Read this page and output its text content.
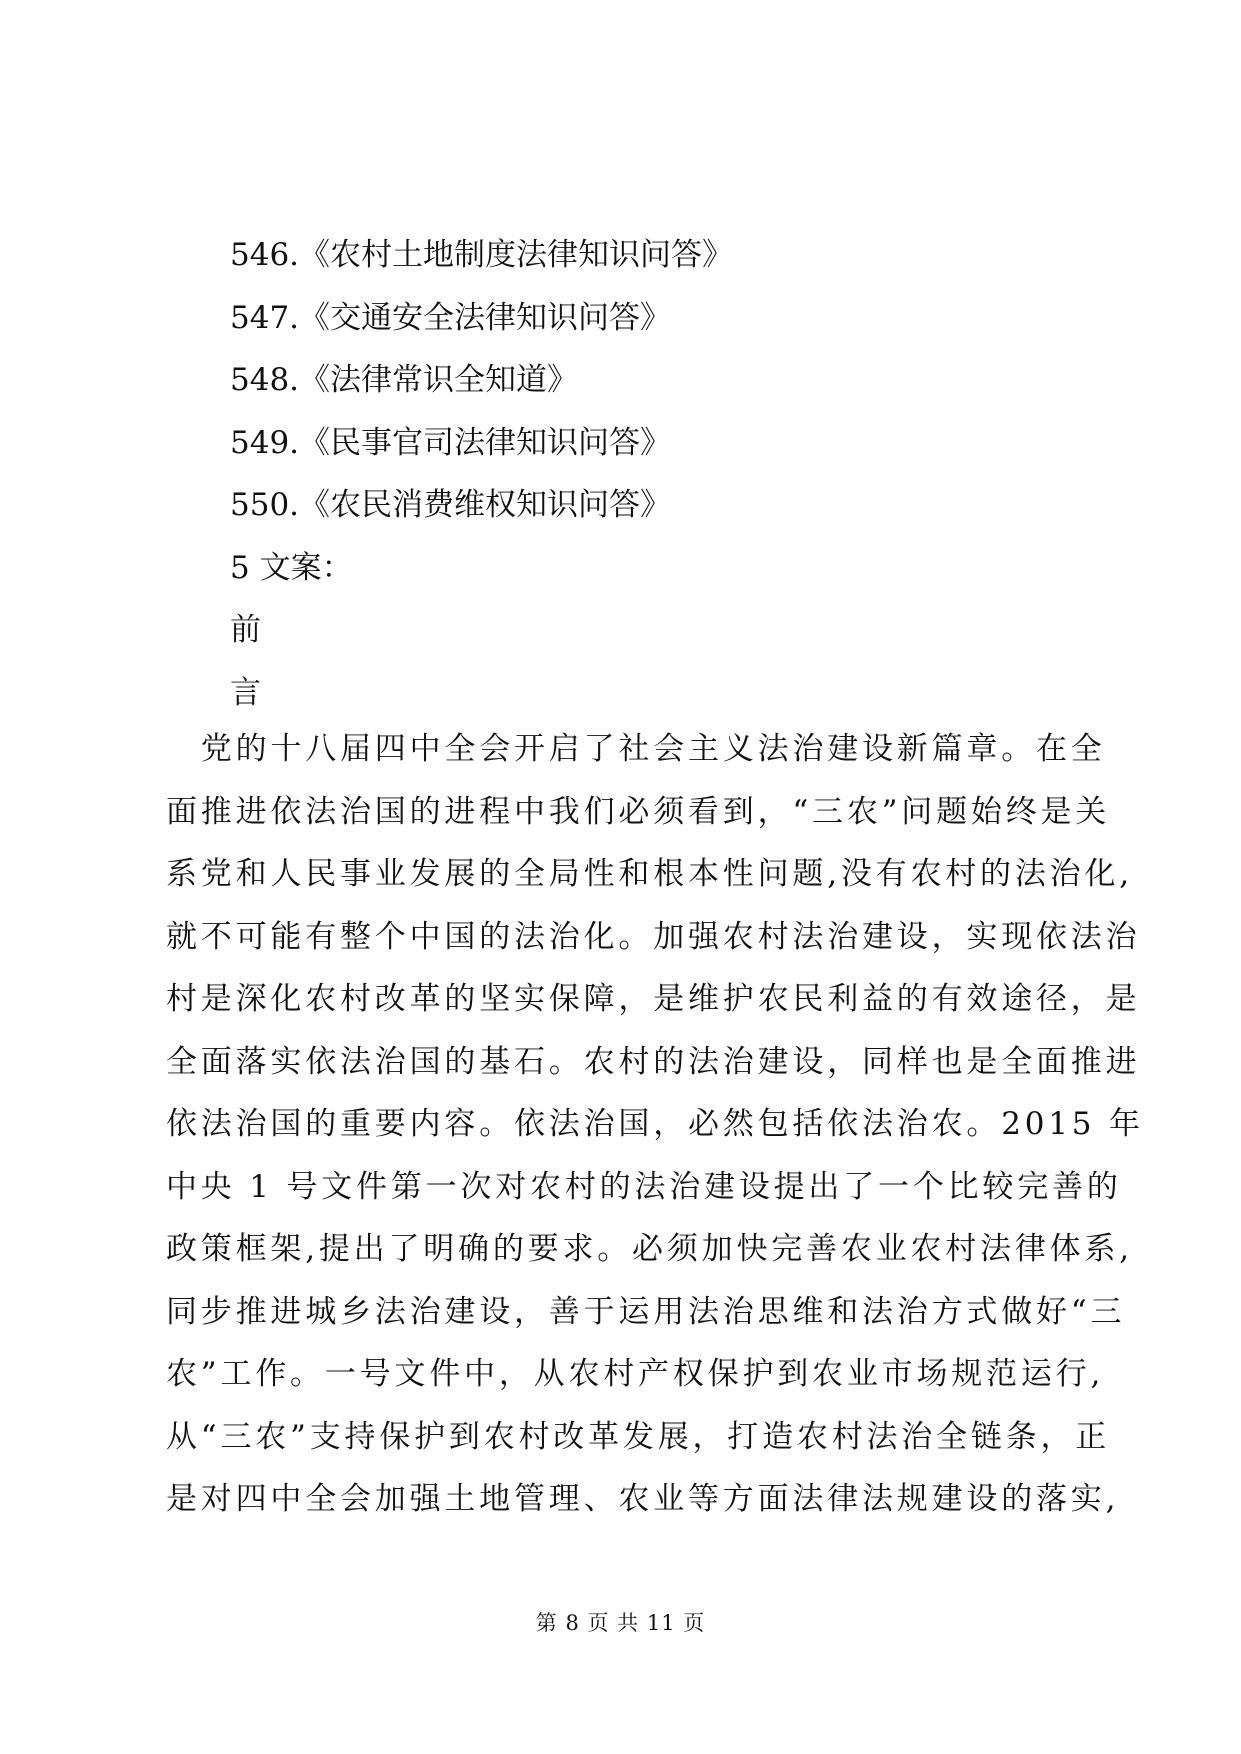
546.《农村土地制度法律知识问答》
547.《交通安全法律知识问答》
548.《法律常识全知道》
549.《民事官司法律知识问答》
550.《农民消费维权知识问答》
5 文案：
前
言
　党的十八届四中全会开启了社会主义法治建设新篇章。在全
面推进依法治国的进程中我们必须看到，“三农”问题始终是关
系党和人民事业发展的全局性和根本性问题,没有农村的法治化,
就不可能有整个中国的法治化。加强农村法治建设，实现依法治
村是深化农村改革的坚实保障，是维护农民利益的有效途径，是
全面落实依法治国的基石。农村的法治建设，同样也是全面推进
依法治国的重要内容。依法治国，必然包括依法治农。2015 年
中央 1 号文件第一次对农村的法治建设提出了一个比较完善的
政策框架,提出了明确的要求。必须加快完善农业农村法律体系,
同步推进城乡法治建设，善于运用法治思维和法治方式做好“三
农”工作。一号文件中，从农村产权保护到农业市场规范运行,
从“三农”支持保护到农村改革发展，打造农村法治全链条，正
是对四中全会加强土地管理、农业等方面法律法规建设的落实,
第 8 页 共 11 页
